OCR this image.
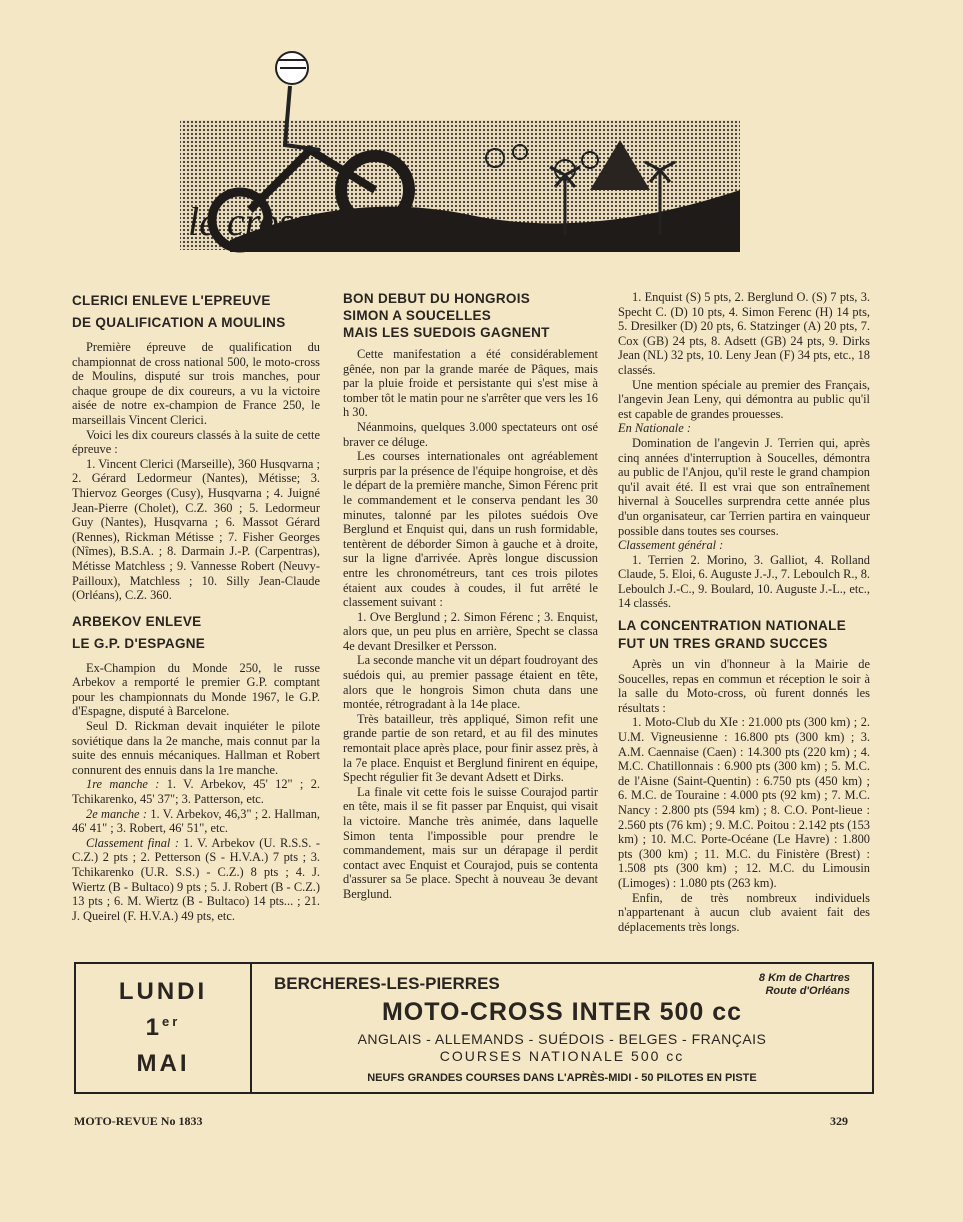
le cross
CLERICI ENLEVE L'EPREUVE
DE QUALIFICATION A MOULINS

Première épreuve de qualification du championnat de cross national 500, le moto-cross de Moulins, disputé sur trois manches, pour chaque groupe de dix coureurs, a vu la victoire aisée de notre ex-champion de France 250, le marseillais Vincent Clerici.

Voici les dix coureurs classés à la suite de cette épreuve :

1. Vincent Clerici (Marseille), 360 Husqvarna ; 2. Gérard Ledormeur (Nantes), Métisse; 3. Thiervoz Georges (Cusy), Husqvarna ; 4. Juigné Jean-Pierre (Cholet), C.Z. 360 ; 5. Ledormeur Guy (Nantes), Husqvarna ; 6. Massot Gérard (Rennes), Rickman Métisse ; 7. Fisher Georges (Nîmes), B.S.A. ; 8. Darmain J.-P. (Carpentras), Métisse Matchless ; 9. Vannesse Robert (Neuvy-Pailloux), Matchless ; 10. Silly Jean-Claude (Orléans), C.Z. 360.

ARBEKOV ENLEVE
LE G.P. D'ESPAGNE

Ex-Champion du Monde 250, le russe Arbekov a remporté le premier G.P. comptant pour les championnats du Monde 1967, le G.P. d'Espagne, disputé à Barcelone.

Seul D. Rickman devait inquiéter le pilote soviétique dans la 2e manche, mais connut par la suite des ennuis mécaniques. Hallman et Robert connurent des ennuis dans la 1re manche.

1re manche : 1. V. Arbekov, 45' 12" ; 2. Tchikarenko, 45' 37"; 3. Patterson, etc.

2e manche : 1. V. Arbekov, 46,3" ; 2. Hallman, 46' 41" ; 3. Robert, 46' 51", etc.

Classement final : 1. V. Arbekov (U. R.S.S. - C.Z.) 2 pts ; 2. Petterson (S - H.V.A.) 7 pts ; 3. Tchikarenko (U.R. S.S.) - C.Z.) 8 pts ; 4. J. Wiertz (B - Bultaco) 9 pts ; 5. J. Robert (B - C.Z.) 13 pts ; 6. M. Wiertz (B - Bultaco) 14 pts... ; 21. J. Queirel (F. H.V.A.) 49 pts, etc.

BON DEBUT DU HONGROIS
SIMON A SOUCELLES
MAIS LES SUEDOIS GAGNENT

Cette manifestation a été considérablement gênée, non par la grande marée de Pâques, mais par la pluie froide et persistante qui s'est mise à tomber tôt le matin pour ne s'arrêter que vers les 16 h 30.

Néanmoins, quelques 3.000 spectateurs ont osé braver ce déluge.

Les courses internationales ont agréablement surpris par la présence de l'équipe hongroise, et dès le départ de la première manche, Simon Férenc prit le commandement et le conserva pendant les 30 minutes, talonné par les pilotes suédois Ove Berglund et Enquist qui, dans un rush formidable, tentèrent de déborder Simon à gauche et à droite, sur la ligne d'arrivée. Après longue discussion entre les chronométreurs, tant ces trois pilotes étaient aux coudes à coudes, il fut arrêté le classement suivant :

1. Ove Berglund ; 2. Simon Férenc ; 3. Enquist, alors que, un peu plus en arrière, Specht se classa 4e devant Dresilker et Persson.

La seconde manche vit un départ foudroyant des suédois qui, au premier passage étaient en tête, alors que le hongrois Simon chuta dans une montée, rétrogradant à la 14e place.

Très batailleur, très appliqué, Simon refit une grande partie de son retard, et au fil des minutes remontait place après place, pour finir assez près, à la 7e place. Enquist et Berglund finirent en équipe, Specht régulier fit 3e devant Adsett et Dirks.

La finale vit cette fois le suisse Courajod partir en tête, mais il se fit passer par Enquist, qui visait la victoire. Manche très animée, dans laquelle Simon tenta l'impossible pour prendre le commandement, mais sur un dérapage il perdit contact avec Enquist et Courajod, puis se contenta d'assurer sa 5e place. Specht à nouveau 3e devant Berglund.

1. Enquist (S) 5 pts, 2. Berglund O. (S) 7 pts, 3. Specht C. (D) 10 pts, 4. Simon Ferenc (H) 14 pts, 5. Dresilker (D) 20 pts, 6. Statzinger (A) 20 pts, 7. Cox (GB) 24 pts, 8. Adsett (GB) 24 pts, 9. Dirks Jean (NL) 32 pts, 10. Leny Jean (F) 34 pts, etc., 18 classés.

Une mention spéciale au premier des Français, l'angevin Jean Leny, qui démontra au public qu'il est capable de grandes prouesses.

En Nationale :

Domination de l'angevin J. Terrien qui, après cinq années d'interruption à Soucelles, démontra au public de l'Anjou, qu'il reste le grand champion qu'il avait été. Il est vrai que son entraînement hivernal à Soucelles surprendra cette année plus d'un organisateur, car Terrien partira en vainqueur possible dans toutes ses courses.

Classement général :

1. Terrien 2. Morino, 3. Galliot, 4. Rolland Claude, 5. Eloi, 6. Auguste J.-J., 7. Leboulch R., 8. Leboulch J.-C., 9. Boulard, 10. Auguste J.-L., etc., 14 classés.

LA CONCENTRATION NATIONALE
FUT UN TRES GRAND SUCCES

Après un vin d'honneur à la Mairie de Soucelles, repas en commun et réception le soir à la salle du Moto-cross, où furent donnés les résultats :

1. Moto-Club du XIe : 21.000 pts (300 km) ; 2. U.M. Vigneusienne : 16.800 pts (300 km) ; 3. A.M. Caennaise (Caen) : 14.300 pts (220 km) ; 4. M.C. Chatillonnais : 6.900 pts (300 km) ; 5. M.C. de l'Aisne (Saint-Quentin) : 6.750 pts (450 km) ; 6. M.C. de Touraine : 4.000 pts (92 km) ; 7. M.C. Nancy : 2.800 pts (594 km) ; 8. C.O. Pont-lieue : 2.560 pts (76 km) ; 9. M.C. Poitou : 2.142 pts (153 km) ; 10. M.C. Porte-Océane (Le Havre) : 1.800 pts (300 km) ; 11. M.C. du Finistère (Brest) : 1.508 pts (300 km) ; 12. M.C. du Limousin (Limoges) : 1.080 pts (263 km).

Enfin, de très nombreux individuels n'appartenant à aucun club avaient fait des déplacements très longs.

LUNDI
1er
MAI
BERCHERES-LES-PIERRES	8 Km de Chartres
Route d'Orléans
MOTO-CROSS INTER 500 cc
ANGLAIS - ALLEMANDS - SUÉDOIS - BELGES - FRANÇAIS
COURSES NATIONALE 500 cc
NEUFS GRANDES COURSES DANS L'APRÈS-MIDI - 50 PILOTES EN PISTE
MOTO-REVUE No 1833	329
